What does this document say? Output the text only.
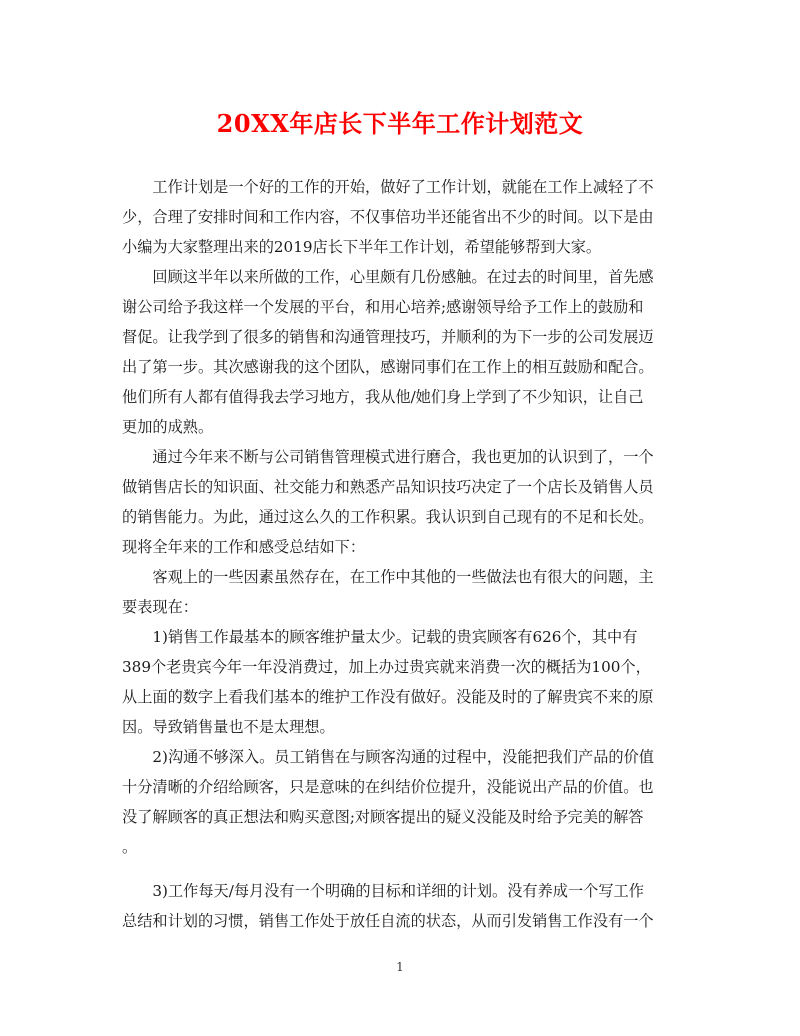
20XX年店长下半年工作计划范文
　　工作计划是一个好的工作的开始，做好了工作计划，就能在工作上减轻了不
少，合理了安排时间和工作内容，不仅事倍功半还能省出不少的时间。以下是由
小编为大家整理出来的2019店长下半年工作计划，希望能够帮到大家。
　　回顾这半年以来所做的工作，心里颇有几份感触。在过去的时间里，首先感
谢公司给予我这样一个发展的平台，和用心培养;感谢领导给予工作上的鼓励和
督促。让我学到了很多的销售和沟通管理技巧，并顺利的为下一步的公司发展迈
出了第一步。其次感谢我的这个团队，感谢同事们在工作上的相互鼓励和配合。
他们所有人都有值得我去学习地方，我从他/她们身上学到了不少知识，让自己
更加的成熟。
　　通过今年来不断与公司销售管理模式进行磨合，我也更加的认识到了，一个
做销售店长的知识面、社交能力和熟悉产品知识技巧决定了一个店长及销售人员
的销售能力。为此，通过这么久的工作积累。我认识到自己现有的不足和长处。
现将全年来的工作和感受总结如下：
　　客观上的一些因素虽然存在，在工作中其他的一些做法也有很大的问题，主
要表现在：
　　1)销售工作最基本的顾客维护量太少。记载的贵宾顾客有626个，其中有
389个老贵宾今年一年没消费过，加上办过贵宾就来消费一次的概括为100个，
从上面的数字上看我们基本的维护工作没有做好。没能及时的了解贵宾不来的原
因。导致销售量也不是太理想。
　　2)沟通不够深入。员工销售在与顾客沟通的过程中，没能把我们产品的价值
十分清晰的介绍给顾客，只是意味的在纠结价位提升，没能说出产品的价值。也
没了解顾客的真正想法和购买意图;对顾客提出的疑义没能及时给予完美的解答
。
　　3)工作每天/每月没有一个明确的目标和详细的计划。没有养成一个写工作
总结和计划的习惯，销售工作处于放任自流的状态，从而引发销售工作没有一个
1
